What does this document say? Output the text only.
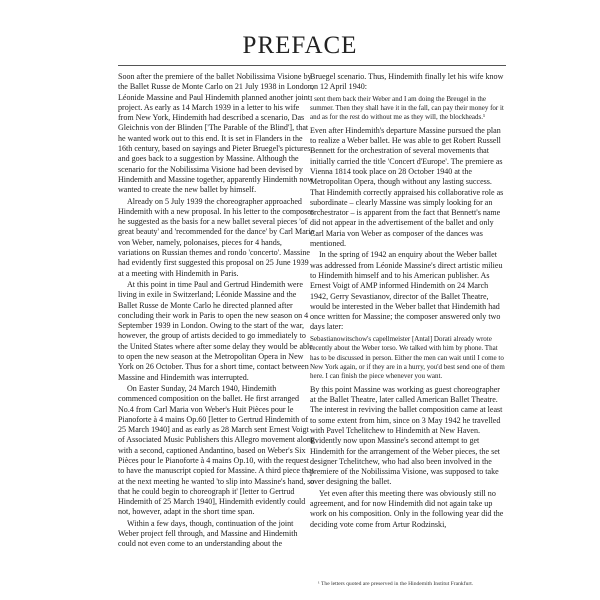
PREFACE

Soon after the premiere of the ballet Nobilissima Visione by the Ballet Russe de Monte Carlo on 21 July 1938 in London, Léonide Massine and Paul Hindemith planned another joint project. As early as 14 March 1939 in a letter to his wife from New York, Hindemith had described a scenario, Das Gleichnis von der Blinden ['The Parable of the Blind'], that he wanted work out to this end. It is set in Flanders in the 16th century, based on sayings and Pieter Bruegel's pictures, and goes back to a suggestion by Massine. Although the scenario for the Nobilissima Visione had been devised by Hindemith and Massine together, apparently Hindemith now wanted to create the new ballet by himself.

Already on 5 July 1939 the choreographer approached Hindemith with a new proposal. In his letter to the composer he suggested as the basis for a new ballet several pieces 'of great beauty' and 'recommended for the dance' by Carl Maria von Weber, namely, polonaises, pieces for 4 hands, variations on Russian themes and rondo 'concerto'. Massine had evidently first suggested this proposal on 25 June 1939 at a meeting with Hindemith in Paris.

At this point in time Paul and Gertrud Hindemith were living in exile in Switzerland; Léonide Massine and the Ballet Russe de Monte Carlo he directed planned after concluding their work in Paris to open the new season on 4 September 1939 in London. Owing to the start of the war, however, the group of artists decided to go immediately to the United States where after some delay they would be able to open the new season at the Metropolitan Opera in New York on 26 October. Thus for a short time, contact between Massine and Hindemith was interrupted.

On Easter Sunday, 24 March 1940, Hindemith commenced composition on the ballet. He first arranged No.4 from Carl Maria von Weber's Huit Pièces pour le Pianoforte à 4 mains Op.60 [letter to Gertrud Hindemith of 25 March 1940] and as early as 28 March sent Ernest Voigt of Associated Music Publishers this Allegro movement along with a second, captioned Andantino, based on Weber's Six Pièces pour le Pianoforte à 4 mains Op.10, with the request to have the manuscript copied for Massine. A third piece that at the next meeting he wanted 'to slip into Massine's hand, so that he could begin to choreograph it' [letter to Gertrud Hindemith of 25 March 1940], Hindemith evidently could not, however, adapt in the short time span.

Within a few days, though, continuation of the joint Weber project fell through, and Massine and Hindemith could not even come to an understanding about the

Bruegel scenario. Thus, Hindemith finally let his wife know on 12 April 1940:

I sent them back their Weber and I am doing the Breugel in the summer. Then they shall have it in the fall, can pay their money for it and as for the rest do without me as they will, the blockheads.¹

Even after Hindemith's departure Massine pursued the plan to realize a Weber ballet. He was able to get Robert Russell Bennett for the orchestration of several movements that initially carried the title 'Concert d'Europe'. The premiere as Vienna 1814 took place on 28 October 1940 at the Metropolitan Opera, though without any lasting success. That Hindemith correctly appraised his collaborative role as subordinate – clearly Massine was simply looking for an orchestrator – is apparent from the fact that Bennett's name did not appear in the advertisement of the ballet and only Carl Maria von Weber as composer of the dances was mentioned.

In the spring of 1942 an enquiry about the Weber ballet was addressed from Léonide Massine's direct artistic milieu to Hindemith himself and to his American publisher. As Ernest Voigt of AMP informed Hindemith on 24 March 1942, Gerry Sevastianov, director of the Ballet Theatre, would be interested in the Weber ballet that Hindemith had once written for Massine; the composer answered only two days later:

Sebastianowitschow's capellmeister [Antal] Dorati already wrote recently about the Weber torso. We talked with him by phone. That has to be discussed in person. Either the men can wait until I come to New York again, or if they are in a hurry, you'd best send one of them here. I can finish the piece whenever you want.

By this point Massine was working as guest choreographer at the Ballet Theatre, later called American Ballet Theatre. The interest in reviving the ballet composition came at least to some extent from him, since on 3 May 1942 he travelled with Pavel Tchelitchew to Hindemith at New Haven. Evidently now upon Massine's second attempt to get Hindemith for the arrangement of the Weber pieces, the set designer Tchelitchew, who had also been involved in the premiere of the Nobilissima Visione, was supposed to take over designing the ballet.

Yet even after this meeting there was obviously still no agreement, and for now Hindemith did not again take up work on his composition. Only in the following year did the deciding vote come from Artur Rodzinski,

¹ The letters quoted are preserved in the Hindemith Institut Frankfurt.
